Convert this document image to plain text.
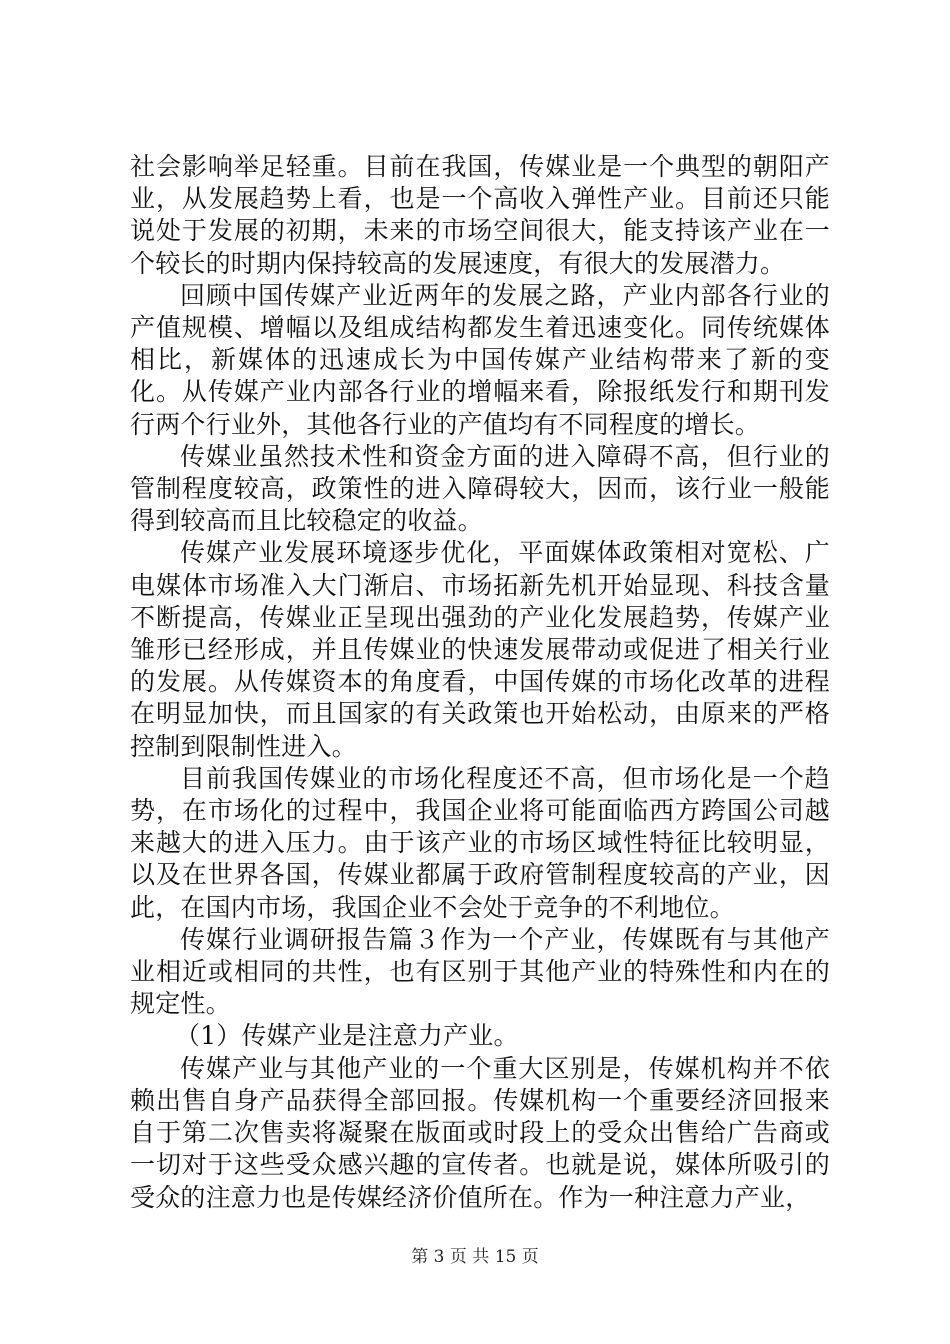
社会影响举足轻重。目前在我国，传媒业是一个典型的朝阳产业，从发展趋势上看，也是一个高收入弹性产业。目前还只能说处于发展的初期，未来的市场空间很大，能支持该产业在一个较长的时期内保持较高的发展速度，有很大的发展潜力。

回顾中国传媒产业近两年的发展之路，产业内部各行业的产值规模、增幅以及组成结构都发生着迅速变化。同传统媒体相比，新媒体的迅速成长为中国传媒产业结构带来了新的变化。从传媒产业内部各行业的增幅来看，除报纸发行和期刊发行两个行业外，其他各行业的产值均有不同程度的增长。

传媒业虽然技术性和资金方面的进入障碍不高，但行业的管制程度较高，政策性的进入障碍较大，因而，该行业一般能得到较高而且比较稳定的收益。

传媒产业发展环境逐步优化，平面媒体政策相对宽松、广电媒体市场准入大门渐启、市场拓新先机开始显现、科技含量不断提高，传媒业正呈现出强劲的产业化发展趋势，传媒产业雏形已经形成，并且传媒业的快速发展带动或促进了相关行业的发展。从传媒资本的角度看，中国传媒的市场化改革的进程在明显加快，而且国家的有关政策也开始松动，由原来的严格控制到限制性进入。

目前我国传媒业的市场化程度还不高，但市场化是一个趋势，在市场化的过程中，我国企业将可能面临西方跨国公司越来越大的进入压力。由于该产业的市场区域性特征比较明显，以及在世界各国，传媒业都属于政府管制程度较高的产业，因此，在国内市场，我国企业不会处于竞争的不利地位。

传媒行业调研报告篇３作为一个产业，传媒既有与其他产业相近或相同的共性，也有区别于其他产业的特殊性和内在的规定性。

（1）传媒产业是注意力产业。

传媒产业与其他产业的一个重大区别是，传媒机构并不依赖出售自身产品获得全部回报。传媒机构一个重要经济回报来自于第二次售卖将凝聚在版面或时段上的受众出售给广告商或一切对于这些受众感兴趣的宣传者。也就是说，媒体所吸引的受众的注意力也是传媒经济价值所在。作为一种注意力产业，

第 3 页 共 15 页
